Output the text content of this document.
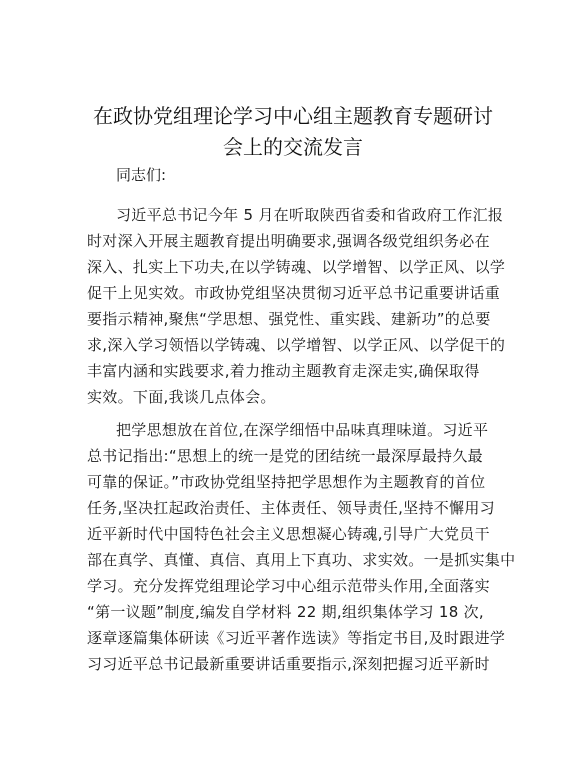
在政协党组理论学习中心组主题教育专题研讨
会上的交流发言

同志们:

习近平总书记今年 5 月在听取陕西省委和省政府工作汇报

时对深入开展主题教育提出明确要求,强调各级党组织务必在

深入、扎实上下功夫,在以学铸魂、以学增智、以学正风、以学

促干上见实效。市政协党组坚决贯彻习近平总书记重要讲话重

要指示精神,聚焦“学思想、强党性、重实践、建新功”的总要

求,深入学习领悟以学铸魂、以学增智、以学正风、以学促干的

丰富内涵和实践要求,着力推动主题教育走深走实,确保取得

实效。下面,我谈几点体会。

把学思想放在首位,在深学细悟中品味真理味道。习近平

总书记指出:“思想上的统一是党的团结统一最深厚最持久最

可靠的保证。”市政协党组坚持把学思想作为主题教育的首位

任务,坚决扛起政治责任、主体责任、领导责任,坚持不懈用习

近平新时代中国特色社会主义思想凝心铸魂,引导广大党员干

部在真学、真懂、真信、真用上下真功、求实效。一是抓实集中

学习。充分发挥党组理论学习中心组示范带头作用,全面落实

“第一议题”制度,编发自学材料 22 期,组织集体学习 18 次,

逐章逐篇集体研读《习近平著作选读》等指定书目,及时跟进学

习习近平总书记最新重要讲话重要指示,深刻把握习近平新时
